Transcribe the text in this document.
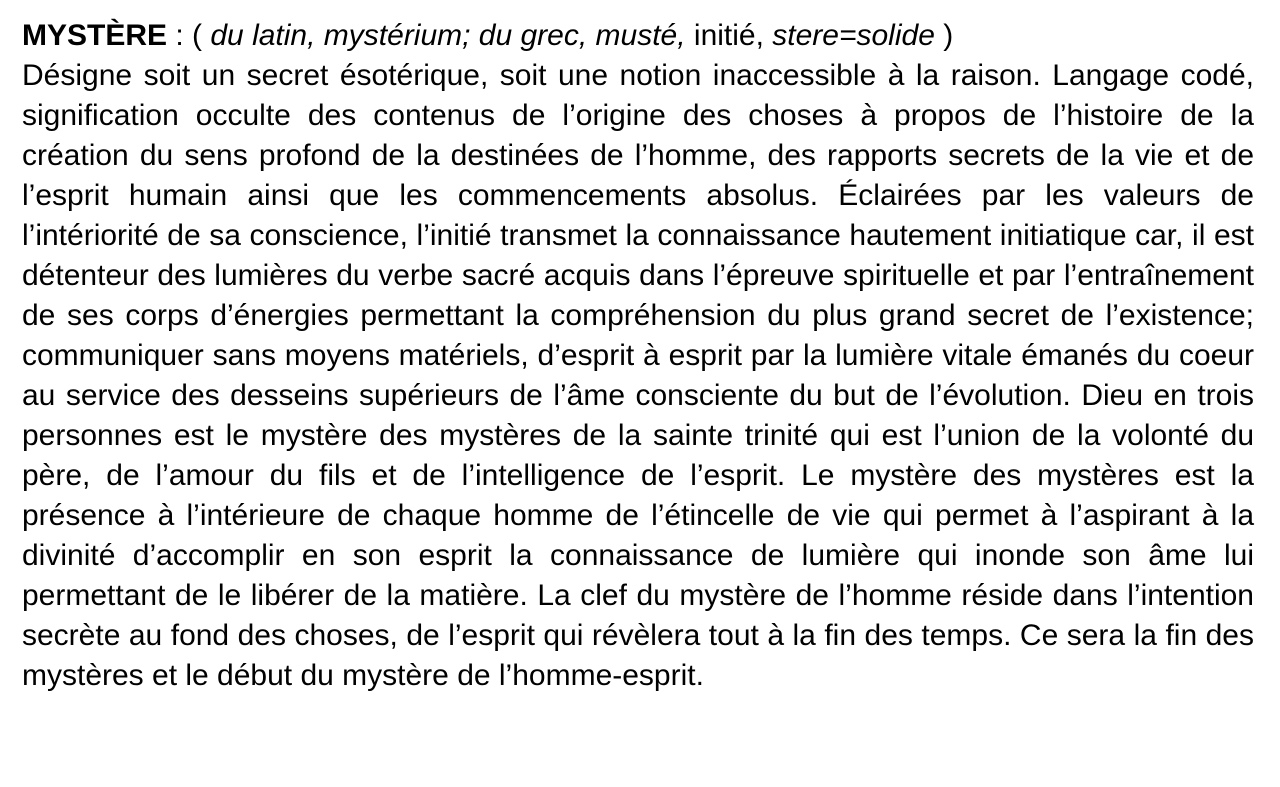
MYSTÈRE : ( du latin, mystérium; du grec, musté, initié, stere=solide )
Désigne soit un secret ésotérique, soit une notion inaccessible à la raison. Langage codé, signification occulte des contenus de l’origine des choses à propos de l’histoire de la création du sens profond de la destinées de l’homme, des rapports secrets de la vie et de l’esprit humain ainsi que les commencements absolus. Éclairées par les valeurs de l’intériorité de sa conscience, l’initié transmet la connaissance hautement initiatique car, il est détenteur des lumières du verbe sacré acquis dans l’épreuve spirituelle et par l’entraînement de ses corps d’énergies permettant la compréhension du plus grand secret de l’existence; communiquer sans moyens matériels, d’esprit à esprit par la lumière vitale émanés du coeur au service des desseins supérieurs de l’âme consciente du but de l’évolution. Dieu en trois personnes est le mystère des mystères de la sainte trinité qui est l’union de la volonté du père, de l’amour du fils et de l’intelligence de l’esprit. Le mystère des mystères est la présence à l’intérieure de chaque homme de l’étincelle de vie qui permet à l’aspirant à la divinité d’accomplir en son esprit la connaissance de lumière qui inonde son âme lui permettant de le libérer de la matière. La clef du mystère de l’homme réside dans l’intention secrète au fond des choses, de l’esprit qui révèlera tout à la fin des temps. Ce sera la fin des mystères et le début du mystère de l’homme-esprit.
